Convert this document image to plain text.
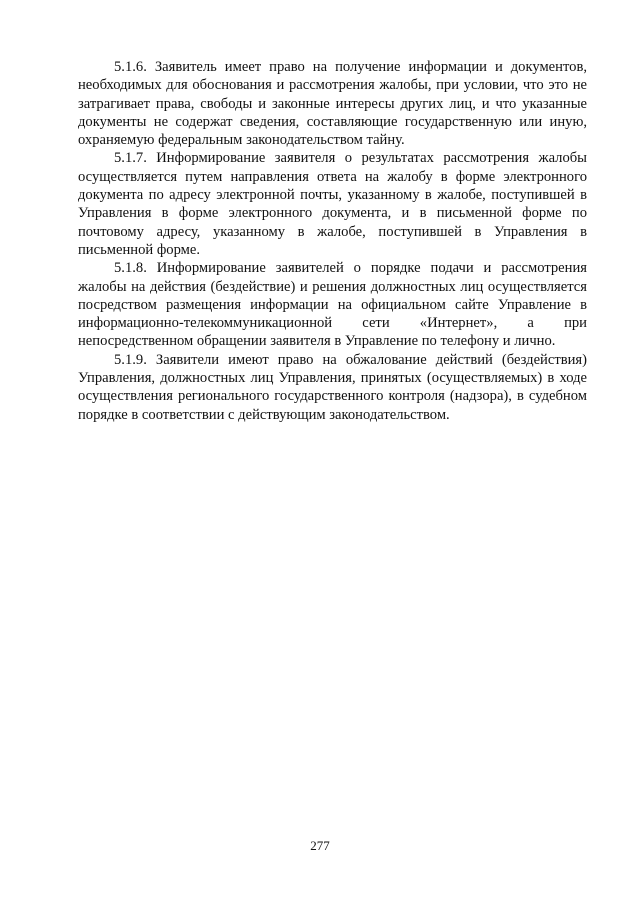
5.1.6. Заявитель имеет право на получение информации и документов, необходимых для обоснования и рассмотрения жалобы, при условии, что это не затрагивает права, свободы и законные интересы других лиц, и что указанные документы не содержат сведения, составляющие государственную или иную, охраняемую федеральным законодательством тайну.

5.1.7. Информирование заявителя о результатах рассмотрения жалобы осуществляется путем направления ответа на жалобу в форме электронного документа по адресу электронной почты, указанному в жалобе, поступившей в Управления в форме электронного документа, и в письменной форме по почтовому адресу, указанному в жалобе, поступившей в Управления в письменной форме.

5.1.8. Информирование заявителей о порядке подачи и рассмотрения жалобы на действия (бездействие) и решения должностных лиц осуществляется посредством размещения информации на официальном сайте Управление в информационно-телекоммуникационной сети «Интернет», а при непосредственном обращении заявителя в Управление по телефону и лично.

5.1.9. Заявители имеют право на обжалование действий (бездействия) Управления, должностных лиц Управления, принятых (осуществляемых) в ходе осуществления регионального государственного контроля (надзора), в судебном порядке в соответствии с действующим законодательством.

277
